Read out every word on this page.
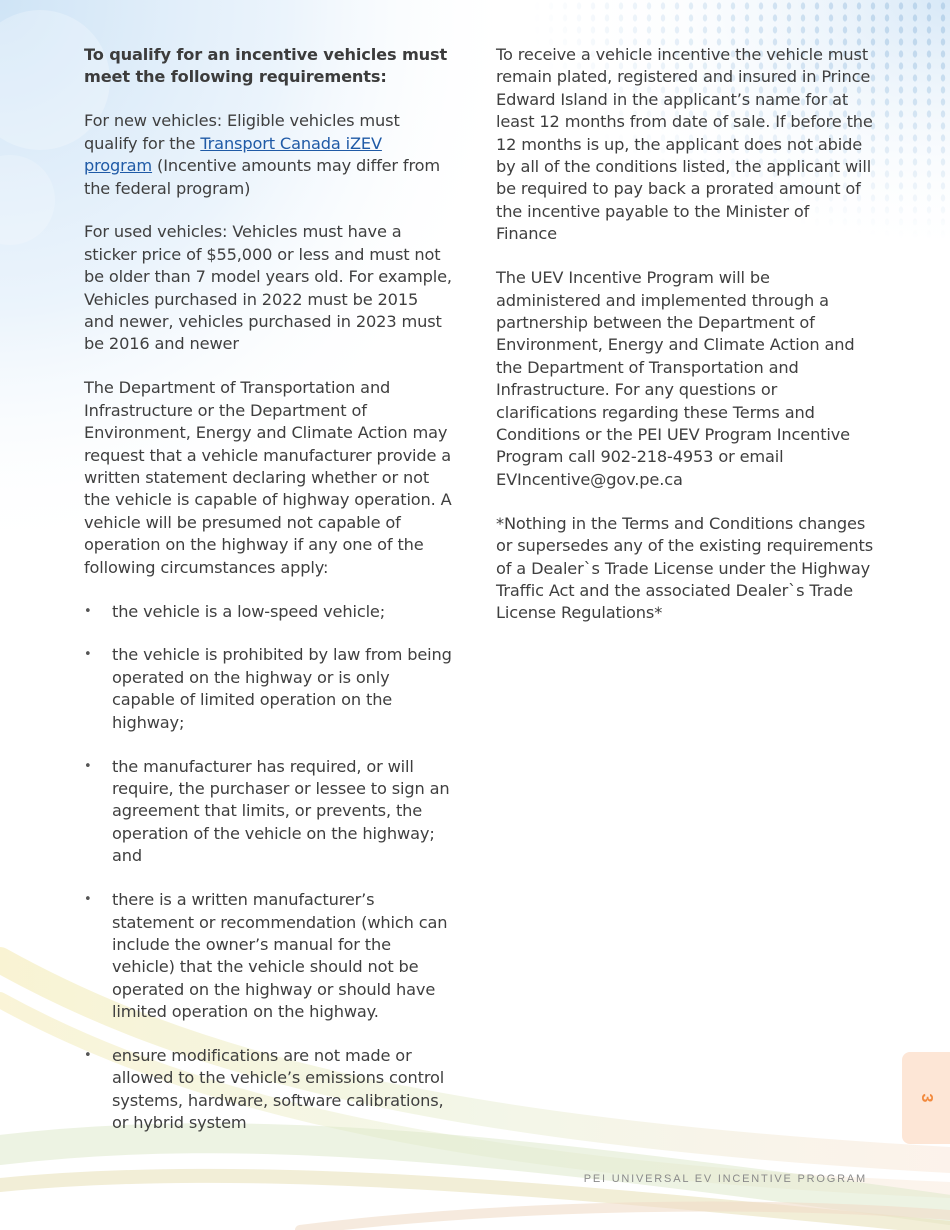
To qualify for an incentive vehicles must meet the following requirements:

For new vehicles: Eligible vehicles must qualify for the Transport Canada iZEV program (Incentive amounts may differ from the federal program)

For used vehicles: Vehicles must have a sticker price of $55,000 or less and must not be older than 7 model years old. For example, Vehicles purchased in 2022 must be 2015 and newer, vehicles purchased in 2023 must be 2016 and newer

The Department of Transportation and Infrastructure or the Department of Environment, Energy and Climate Action may request that a vehicle manufacturer provide a written statement declaring whether or not the vehicle is capable of highway operation. A vehicle will be presumed not capable of operation on the highway if any one of the following circumstances apply:

• the vehicle is a low-speed vehicle;
• the vehicle is prohibited by law from being operated on the highway or is only capable of limited operation on the highway;
• the manufacturer has required, or will require, the purchaser or lessee to sign an agreement that limits, or prevents, the operation of the vehicle on the highway; and
• there is a written manufacturer’s statement or recommendation (which can include the owner’s manual for the vehicle) that the vehicle should not be operated on the highway or should have limited operation on the highway.
• ensure modifications are not made or allowed to the vehicle’s emissions control systems, hardware, software calibrations, or hybrid system

To receive a vehicle incentive the vehicle must remain plated, registered and insured in Prince Edward Island in the applicant’s name for at least 12 months from date of sale. If before the 12 months is up, the applicant does not abide by all of the conditions listed, the applicant will be required to pay back a prorated amount of the incentive payable to the Minister of Finance

The UEV Incentive Program will be administered and implemented through a partnership between the Department of Environment, Energy and Climate Action and the Department of Transportation and Infrastructure. For any questions or clarifications regarding these Terms and Conditions or the PEI UEV Program Incentive Program call 902-218-4953 or email EVIncentive@gov.pe.ca

*Nothing in the Terms and Conditions changes or supersedes any of the existing requirements of a Dealer`s Trade License under the Highway Traffic Act and the associated Dealer`s Trade License Regulations*

3
PEI UNIVERSAL EV INCENTIVE PROGRAM
